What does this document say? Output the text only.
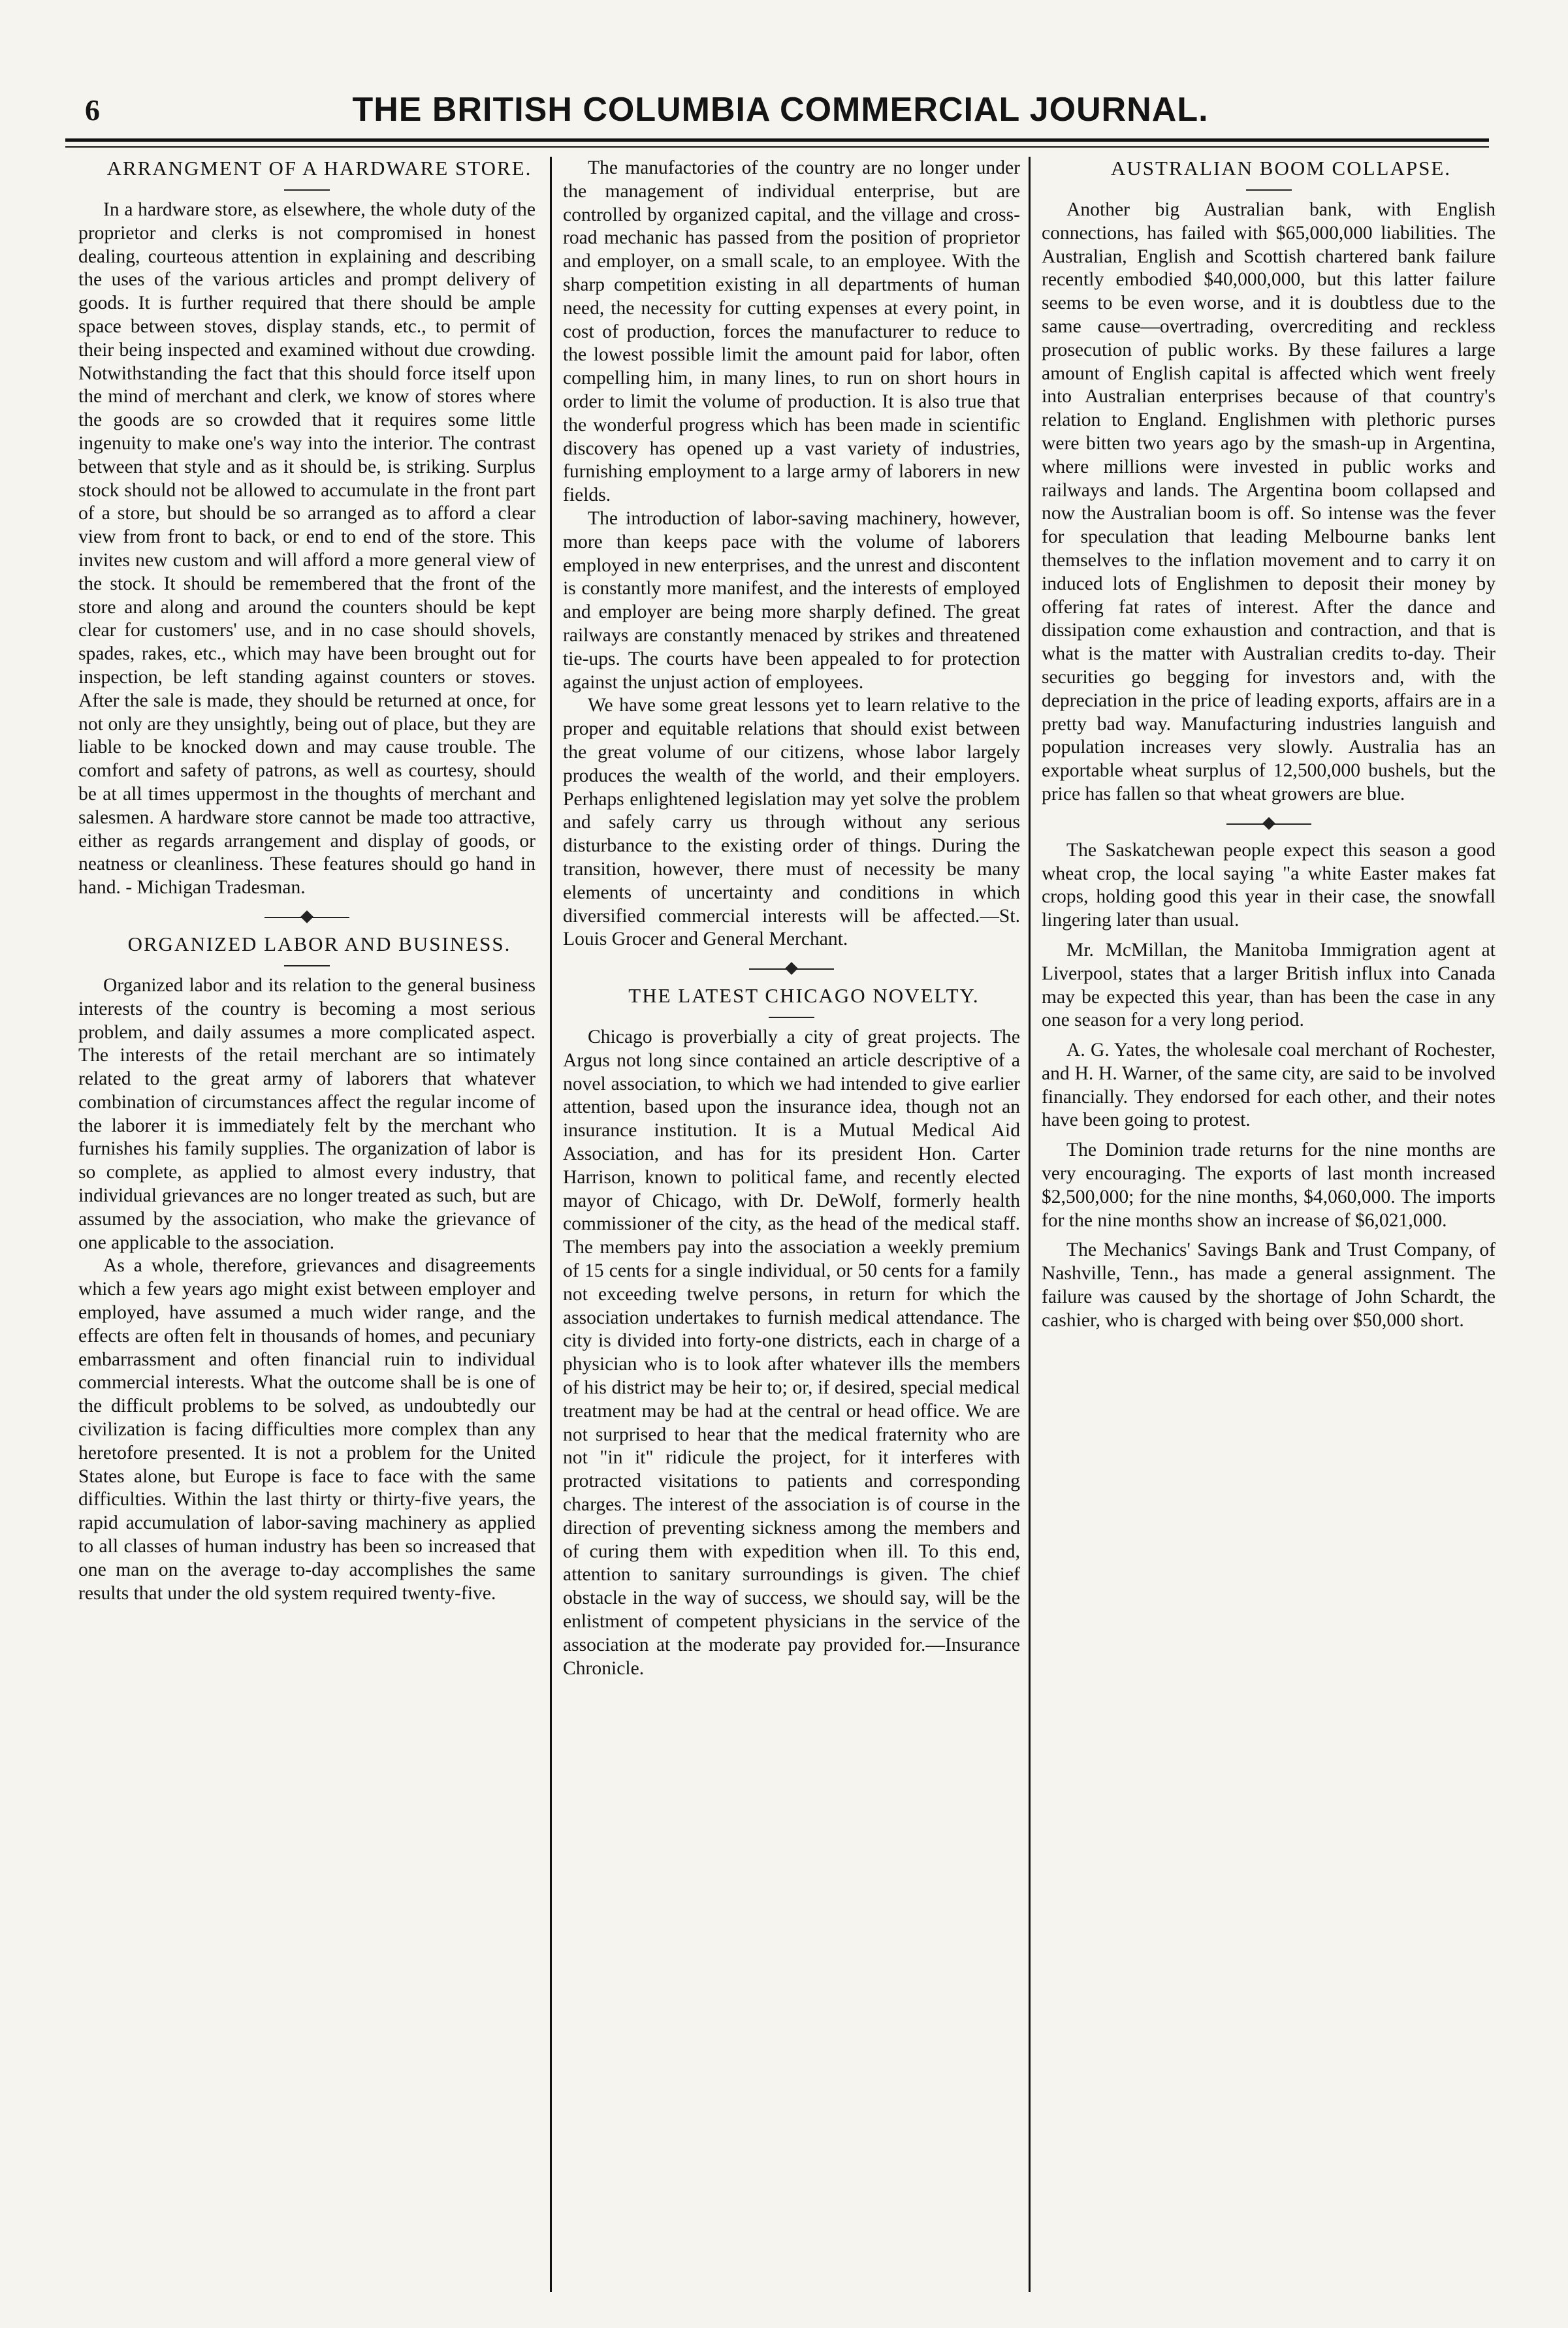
6	THE BRITISH COLUMBIA COMMERCIAL JOURNAL.

ARRANGMENT OF A HARDWARE STORE.

In a hardware store, as elsewhere, the whole duty of the proprietor and clerks is not compromised in honest dealing, courteous attention in explaining and describing the uses of the various articles and prompt delivery of goods. It is further required that there should be ample space between stoves, display stands, etc., to permit of their being inspected and examined without due crowding. Notwithstanding the fact that this should force itself upon the mind of merchant and clerk, we know of stores where the goods are so crowded that it requires some little ingenuity to make one's way into the interior. The contrast between that style and as it should be, is striking. Surplus stock should not be allowed to accumulate in the front part of a store, but should be so arranged as to afford a clear view from front to back, or end to end of the store. This invites new custom and will afford a more general view of the stock. It should be remembered that the front of the store and along and around the counters should be kept clear for customers' use, and in no case should shovels, spades, rakes, etc., which may have been brought out for inspection, be left standing against counters or stoves. After the sale is made, they should be returned at once, for not only are they unsightly, being out of place, but they are liable to be knocked down and may cause trouble. The comfort and safety of patrons, as well as courtesy, should be at all times uppermost in the thoughts of merchant and salesmen. A hardware store cannot be made too attractive, either as regards arrangement and display of goods, or neatness or cleanliness. These features should go hand in hand. - Michigan Tradesman.

ORGANIZED LABOR AND BUSINESS.

Organized labor and its relation to the general business interests of the country is becoming a most serious problem, and daily assumes a more complicated aspect. The interests of the retail merchant are so intimately related to the great army of laborers that whatever combination of circumstances affect the regular income of the laborer it is immediately felt by the merchant who furnishes his family supplies. The organization of labor is so complete, as applied to almost every industry, that individual grievances are no longer treated as such, but are assumed by the association, who make the grievance of one applicable to the association.

As a whole, therefore, grievances and disagreements which a few years ago might exist between employer and employed, have assumed a much wider range, and the effects are often felt in thousands of homes, and pecuniary embarrassment and often financial ruin to individual commercial interests. What the outcome shall be is one of the difficult problems to be solved, as undoubtedly our civilization is facing difficulties more complex than any heretofore presented. It is not a problem for the United States alone, but Europe is face to face with the same difficulties. Within the last thirty or thirty-five years, the rapid accumulation of labor-saving machinery as applied to all classes of human industry has been so increased that one man on the average to-day accomplishes the same results that under the old system required twenty-five.

The manufactories of the country are no longer under the management of individual enterprise, but are controlled by organized capital, and the village and cross-road mechanic has passed from the position of proprietor and employer, on a small scale, to an employee. With the sharp competition existing in all departments of human need, the necessity for cutting expenses at every point, in cost of production, forces the manufacturer to reduce to the lowest possible limit the amount paid for labor, often compelling him, in many lines, to run on short hours in order to limit the volume of production. It is also true that the wonderful progress which has been made in scientific discovery has opened up a vast variety of industries, furnishing employment to a large army of laborers in new fields.

The introduction of labor-saving machinery, however, more than keeps pace with the volume of laborers employed in new enterprises, and the unrest and discontent is constantly more manifest, and the interests of employed and employer are being more sharply defined. The great railways are constantly menaced by strikes and threatened tie-ups. The courts have been appealed to for protection against the unjust action of employees.

We have some great lessons yet to learn relative to the proper and equitable relations that should exist between the great volume of our citizens, whose labor largely produces the wealth of the world, and their employers. Perhaps enlightened legislation may yet solve the problem and safely carry us through without any serious disturbance to the existing order of things. During the transition, however, there must of necessity be many elements of uncertainty and conditions in which diversified commercial interests will be affected.—St. Louis Grocer and General Merchant.

THE LATEST CHICAGO NOVELTY.

Chicago is proverbially a city of great projects. The Argus not long since contained an article descriptive of a novel association, to which we had intended to give earlier attention, based upon the insurance idea, though not an insurance institution. It is a Mutual Medical Aid Association, and has for its president Hon. Carter Harrison, known to political fame, and recently elected mayor of Chicago, with Dr. DeWolf, formerly health commissioner of the city, as the head of the medical staff. The members pay into the association a weekly premium of 15 cents for a single individual, or 50 cents for a family not exceeding twelve persons, in return for which the association undertakes to furnish medical attendance. The city is divided into forty-one districts, each in charge of a physician who is to look after whatever ills the members of his district may be heir to; or, if desired, special medical treatment may be had at the central or head office. We are not surprised to hear that the medical fraternity who are not "in it" ridicule the project, for it interferes with protracted visitations to patients and corresponding charges. The interest of the association is of course in the direction of preventing sickness among the members and of curing them with expedition when ill. To this end, attention to sanitary surroundings is given. The chief obstacle in the way of success, we should say, will be the enlistment of competent physicians in the service of the association at the moderate pay provided for.—Insurance Chronicle.

AUSTRALIAN BOOM COLLAPSE.

Another big Australian bank, with English connections, has failed with $65,000,000 liabilities. The Australian, English and Scottish chartered bank failure recently embodied $40,000,000, but this latter failure seems to be even worse, and it is doubtless due to the same cause—overtrading, overcrediting and reckless prosecution of public works. By these failures a large amount of English capital is affected which went freely into Australian enterprises because of that country's relation to England. Englishmen with plethoric purses were bitten two years ago by the smash-up in Argentina, where millions were invested in public works and railways and lands. The Argentina boom collapsed and now the Australian boom is off. So intense was the fever for speculation that leading Melbourne banks lent themselves to the inflation movement and to carry it on induced lots of Englishmen to deposit their money by offering fat rates of interest. After the dance and dissipation come exhaustion and contraction, and that is what is the matter with Australian credits to-day. Their securities go begging for investors and, with the depreciation in the price of leading exports, affairs are in a pretty bad way. Manufacturing industries languish and population increases very slowly. Australia has an exportable wheat surplus of 12,500,000 bushels, but the price has fallen so that wheat growers are blue.

The Saskatchewan people expect this season a good wheat crop, the local saying "a white Easter makes fat crops, holding good this year in their case, the snowfall lingering later than usual.

Mr. McMillan, the Manitoba Immigration agent at Liverpool, states that a larger British influx into Canada may be expected this year, than has been the case in any one season for a very long period.

A. G. Yates, the wholesale coal merchant of Rochester, and H. H. Warner, of the same city, are said to be involved financially. They endorsed for each other, and their notes have been going to protest.

The Dominion trade returns for the nine months are very encouraging. The exports of last month increased $2,500,000; for the nine months, $4,060,000. The imports for the nine months show an increase of $6,021,000.

The Mechanics' Savings Bank and Trust Company, of Nashville, Tenn., has made a general assignment. The failure was caused by the shortage of John Schardt, the cashier, who is charged with being over $50,000 short.
